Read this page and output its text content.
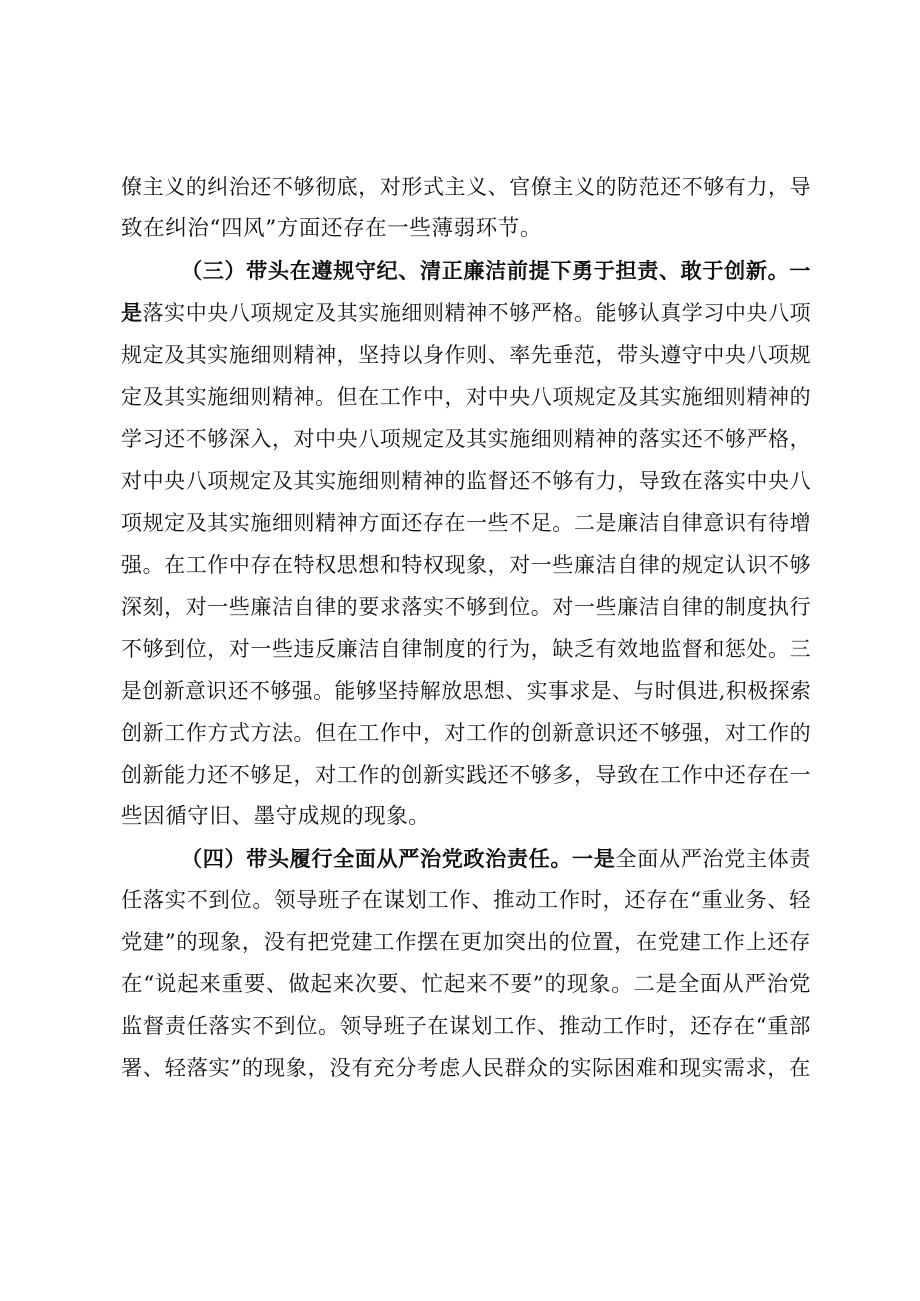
僚主义的纠治还不够彻底，对形式主义、官僚主义的防范还不够有力，导
致在纠治“四风”方面还存在一些薄弱环节。
（三）带头在遵规守纪、清正廉洁前提下勇于担责、敢于创新。一
是落实中央八项规定及其实施细则精神不够严格。能够认真学习中央八项
规定及其实施细则精神，坚持以身作则、率先垂范，带头遵守中央八项规
定及其实施细则精神。但在工作中，对中央八项规定及其实施细则精神的
学习还不够深入，对中央八项规定及其实施细则精神的落实还不够严格，
对中央八项规定及其实施细则精神的监督还不够有力，导致在落实中央八
项规定及其实施细则精神方面还存在一些不足。二是廉洁自律意识有待增
强。在工作中存在特权思想和特权现象，对一些廉洁自律的规定认识不够
深刻，对一些廉洁自律的要求落实不够到位。对一些廉洁自律的制度执行
不够到位，对一些违反廉洁自律制度的行为，缺乏有效地监督和惩处。三
是创新意识还不够强。能够坚持解放思想、实事求是、与时俱进,积极探索
创新工作方式方法。但在工作中，对工作的创新意识还不够强，对工作的
创新能力还不够足，对工作的创新实践还不够多，导致在工作中还存在一
些因循守旧、墨守成规的现象。
（四）带头履行全面从严治党政治责任。一是全面从严治党主体责
任落实不到位。领导班子在谋划工作、推动工作时，还存在“重业务、轻
党建”的现象，没有把党建工作摆在更加突出的位置，在党建工作上还存
在“说起来重要、做起来次要、忙起来不要”的现象。二是全面从严治党
监督责任落实不到位。领导班子在谋划工作、推动工作时，还存在“重部
署、轻落实”的现象，没有充分考虑人民群众的实际困难和现实需求，在
